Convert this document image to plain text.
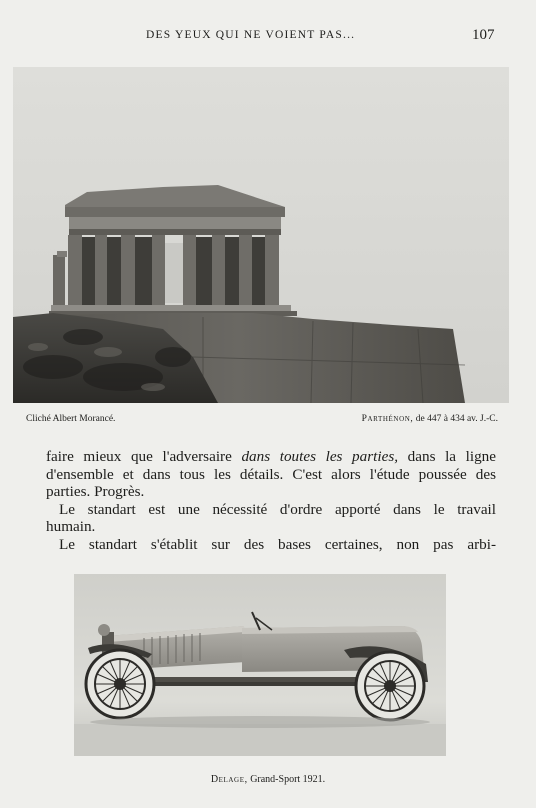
DES YEUX QUI NE VOIENT PAS...	107
Cliché Albert Morancé.	Parthénon, de 447 à 434 av. J.-C.
faire mieux que l'adversaire dans toutes les parties, dans la ligne
d'ensemble et dans tous les détails. C'est alors l'étude poussée des
parties. Progrès.
Le standart est une nécessité d'ordre apporté dans le travail
humain.
Le standart s'établit sur des bases certaines, non pas arbi-
Delage, Grand-Sport 1921.
